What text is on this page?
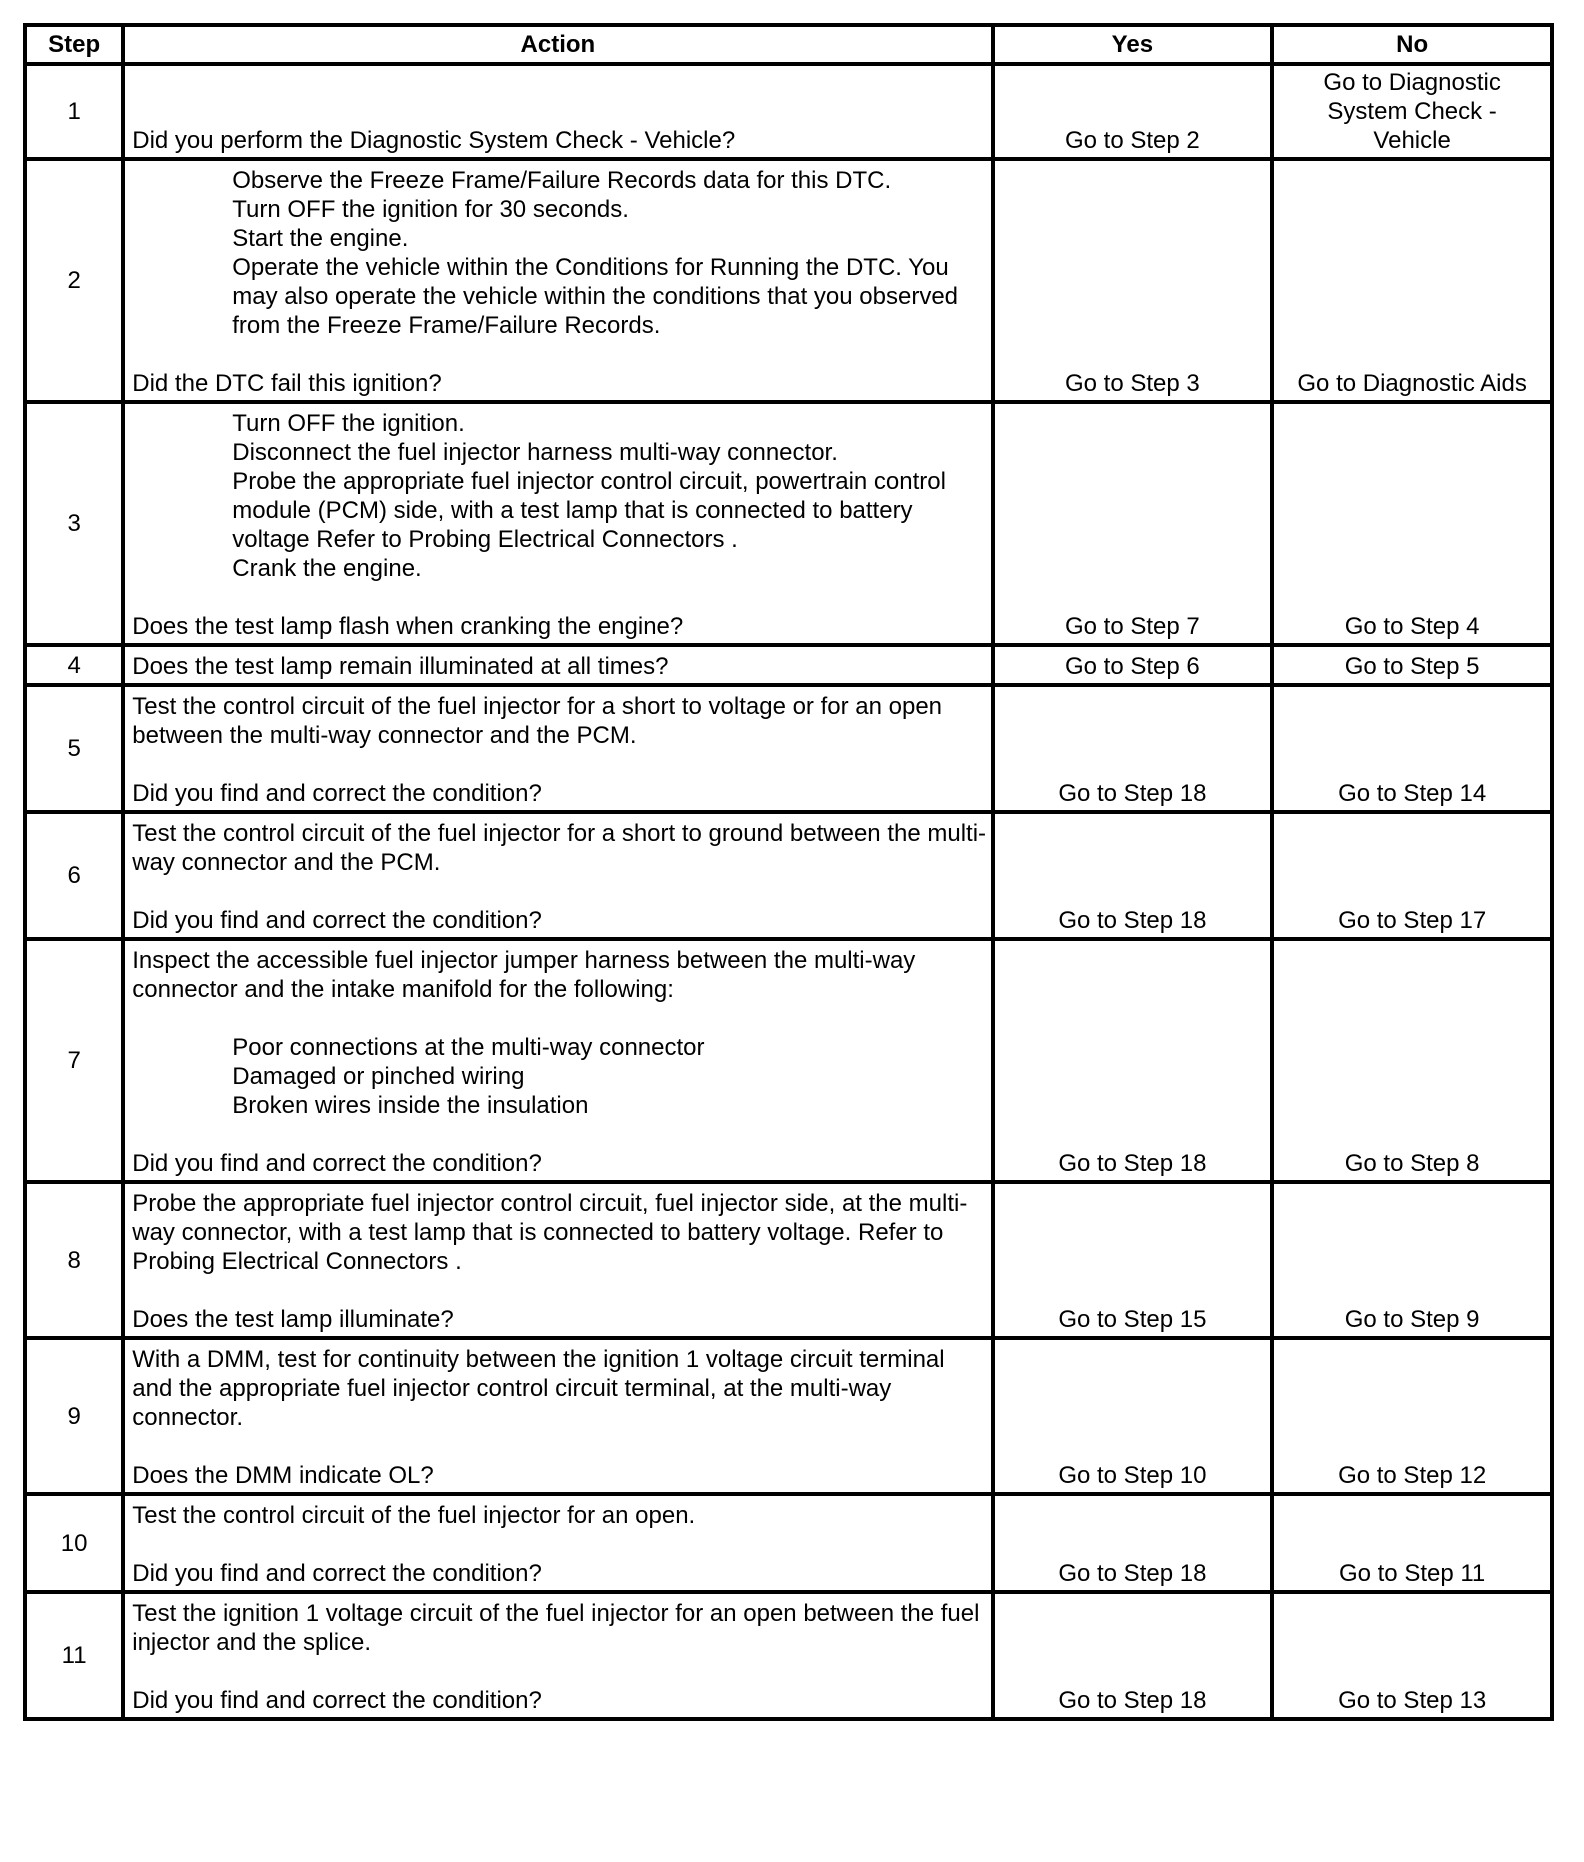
Step	Action	Yes	No
1	Did you perform the Diagnostic System Check - Vehicle?	Go to Step 2	Go to Diagnostic
System Check -
Vehicle

2	Observe the Freeze Frame/Failure Records data for this DTC.
Turn OFF the ignition for 30 seconds.
Start the engine.
Operate the vehicle within the Conditions for Running the DTC. You may also operate the vehicle within the conditions that you observed from the Freeze Frame/Failure Records.
Did the DTC fail this ignition?	Go to Step 3	Go to Diagnostic Aids

3	Turn OFF the ignition.
Disconnect the fuel injector harness multi-way connector.
Probe the appropriate fuel injector control circuit, powertrain control module (PCM) side, with a test lamp that is connected to battery voltage Refer to Probing Electrical Connectors .
Crank the engine.
Does the test lamp flash when cranking the engine?	Go to Step 7	Go to Step 4

4	Does the test lamp remain illuminated at all times?	Go to Step 6	Go to Step 5

5	Test the control circuit of the fuel injector for a short to voltage or for an open between the multi-way connector and the PCM.
Did you find and correct the condition?	Go to Step 18	Go to Step 14

6	Test the control circuit of the fuel injector for a short to ground between the multi-way connector and the PCM.
Did you find and correct the condition?	Go to Step 18	Go to Step 17

7	Inspect the accessible fuel injector jumper harness between the multi-way connector and the intake manifold for the following:
Poor connections at the multi-way connector
Damaged or pinched wiring
Broken wires inside the insulation
Did you find and correct the condition?	Go to Step 18	Go to Step 8

8	Probe the appropriate fuel injector control circuit, fuel injector side, at the multi-way connector, with a test lamp that is connected to battery voltage. Refer to Probing Electrical Connectors .
Does the test lamp illuminate?	Go to Step 15	Go to Step 9

9	With a DMM, test for continuity between the ignition 1 voltage circuit terminal and the appropriate fuel injector control circuit terminal, at the multi-way connector.
Does the DMM indicate OL?	Go to Step 10	Go to Step 12

10	Test the control circuit of the fuel injector for an open.
Did you find and correct the condition?	Go to Step 18	Go to Step 11

11	Test the ignition 1 voltage circuit of the fuel injector for an open between the fuel injector and the splice.
Did you find and correct the condition?	Go to Step 18	Go to Step 13
